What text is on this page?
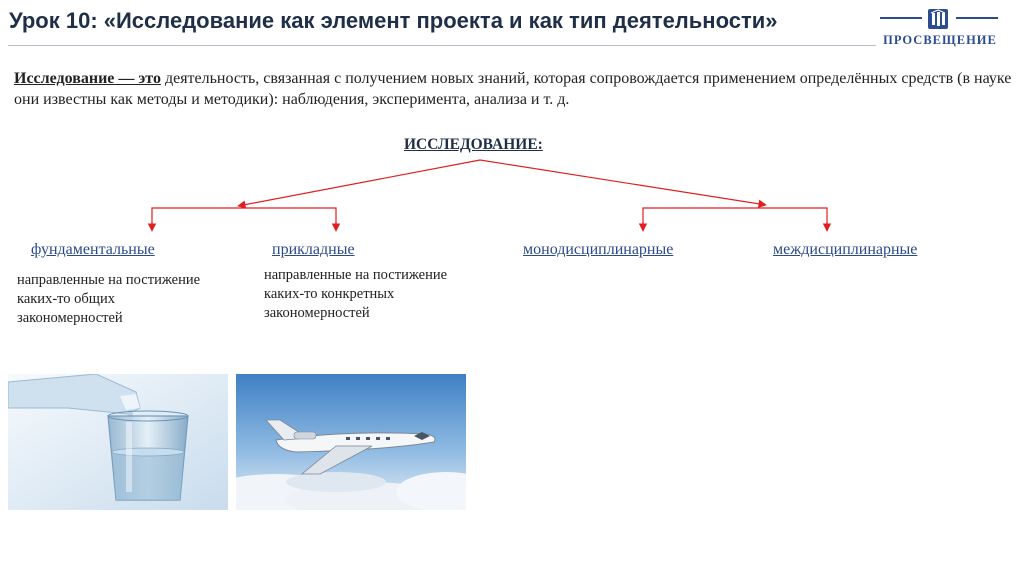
Урок 10: «Исследование как элемент проекта и как тип деятельности»
ПРОСВЕЩЕНИЕ

Исследование — это деятельность, связанная с получением новых знаний, которая сопровождается применением определённых средств (в науке они известны как методы и методики): наблюдения, эксперимента, анализа и т. д.

ИССЛЕДОВАНИЕ:
фундаментальные	прикладные	монодисциплинарные	междисциплинарные
направленные на постижение каких-то общих закономерностей
направленные на постижение каких-то конкретных закономерностей
